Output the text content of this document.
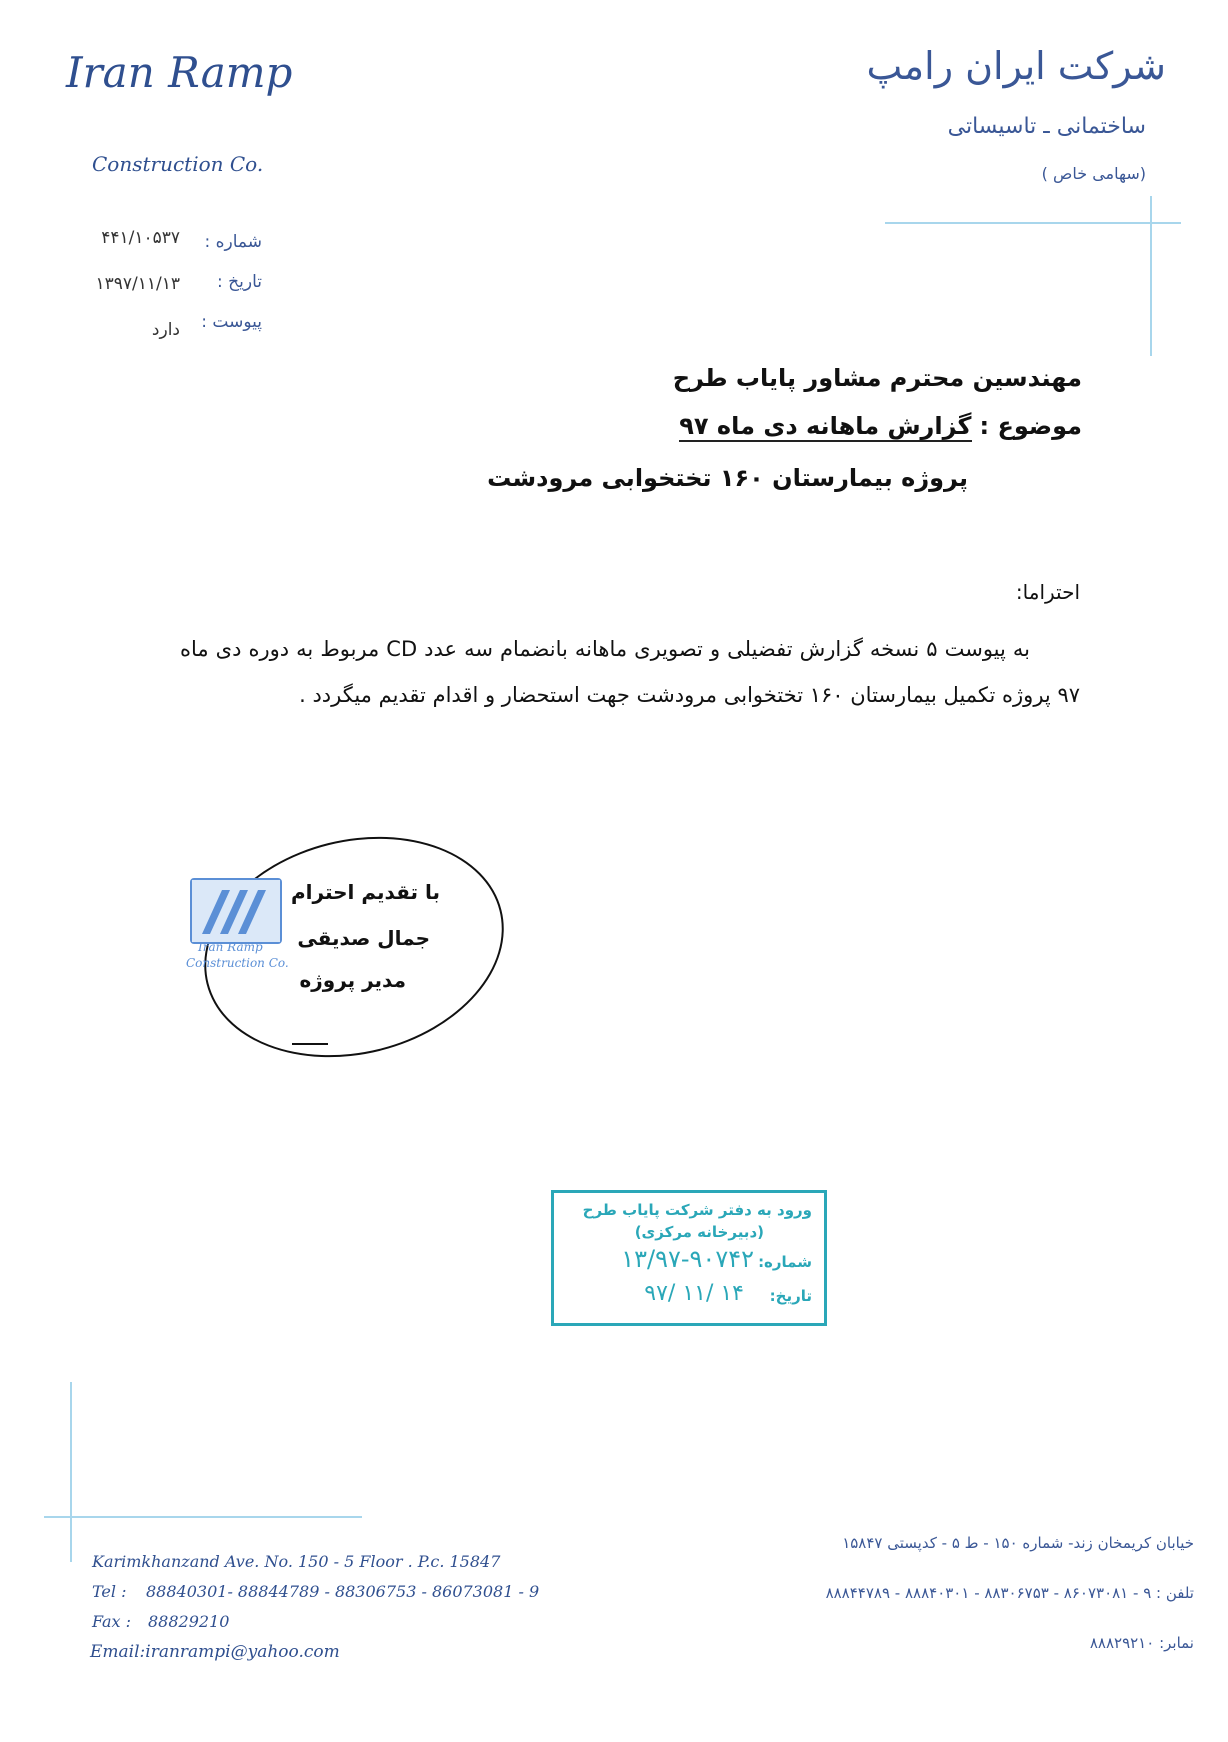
Iran Ramp
Construction Co.
شرکت ایران رامپ
ساختمانی ـ تاسیساتی
(سهامی خاص )
شماره :
۴۴۱/۱۰۵۳۷
تاریخ :
۱۳۹۷/۱۱/۱۳
پیوست :
دارد
مهندسین محترم مشاور پایاب طرح
موضوع :
گزارش ماهانه دی ماه ۹۷
پروژه بیمارستان ۱۶۰ تختخوابی مرودشت
احتراما:
به پیوست ۵ نسخه گزارش تفضیلی و تصویری ماهانه بانضمام سه عدد CD مربوط به دوره دی ماه ۹۷ پروژه تکمیل بیمارستان ۱۶۰ تختخوابی مرودشت جهت استحضار و اقدام تقدیم میگردد .
Iran Ramp
Construction Co.
با تقدیم احترام
جمال صدیقی
مدیر پروژه
ورود به دفتر شرکت پایاب طرح
(دبیرخانه مرکزی)
شماره:
۱۳/۹۷-۹۰۷۴۲
تاریخ:
۹۷/ ۱۱/ ۱۴
Karimkhanzand Ave. No. 150 - 5 Floor . P.c. 15847
Tel : 88840301- 88844789 - 88306753 - 86073081 - 9
Fax : 88829210
Email:iranrampi@yahoo.com
خیابان کریمخان زند- شماره ۱۵۰ - ط ۵ - کدپستی ۱۵۸۴۷
تلفن : ۹ - ۸۶۰۷۳۰۸۱ - ۸۸۳۰۶۷۵۳ - ۸۸۸۴۰۳۰۱ - ۸۸۸۴۴۷۸۹
نمابر: ۸۸۸۲۹۲۱۰
